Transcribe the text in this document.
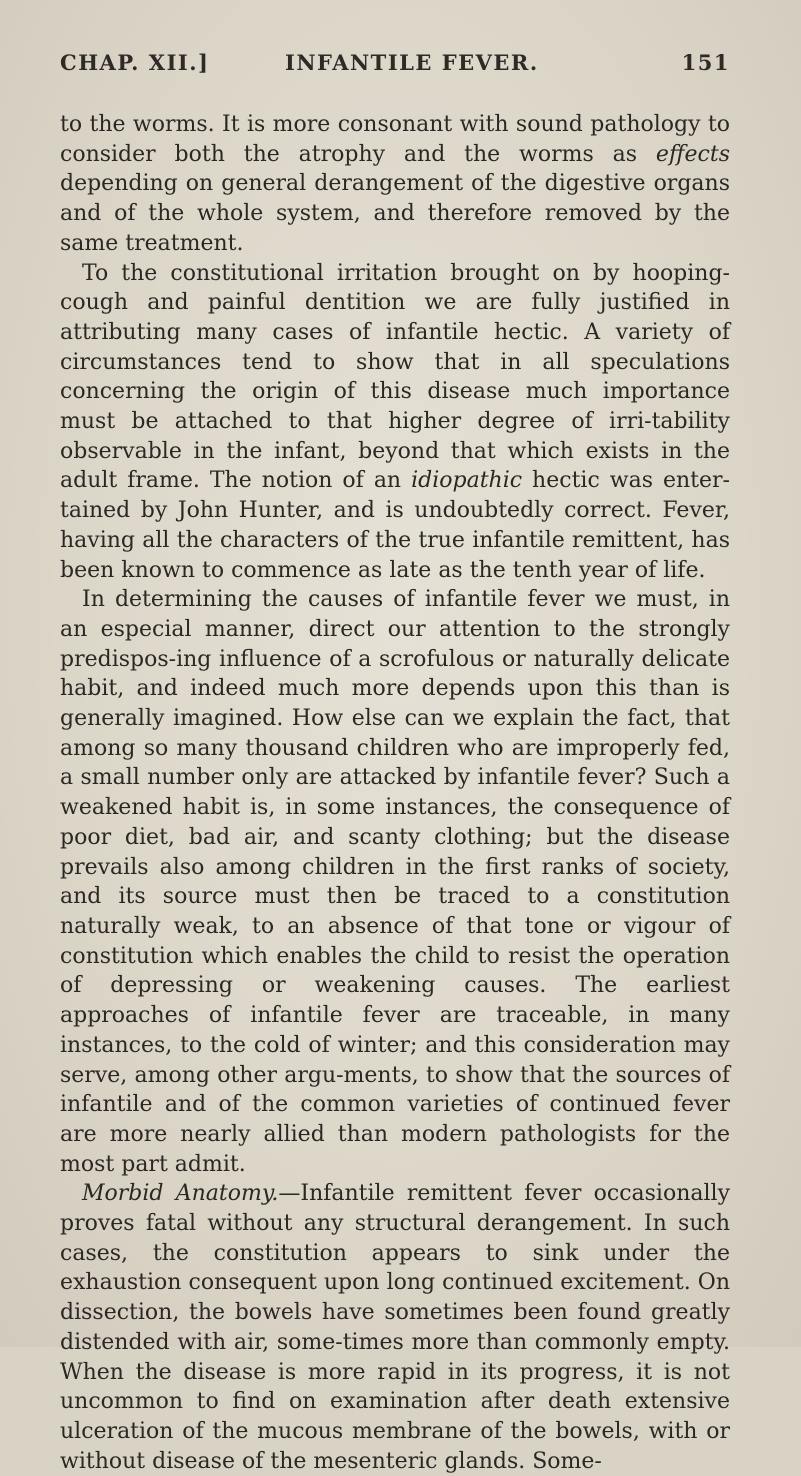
CHAP. XII.]	INFANTILE FEVER.	151

to the worms. It is more consonant with sound pathology to consider both the atrophy and the worms as effects depending on general derangement of the digestive organs and of the whole system, and therefore removed by the same treatment.

To the constitutional irritation brought on by hooping-cough and painful dentition we are fully justified in attributing many cases of infantile hectic. A variety of circumstances tend to show that in all speculations concerning the origin of this disease much importance must be attached to that higher degree of irri-tability observable in the infant, beyond that which exists in the adult frame. The notion of an idiopathic hectic was enter-tained by John Hunter, and is undoubtedly correct. Fever, having all the characters of the true infantile remittent, has been known to commence as late as the tenth year of life.

In determining the causes of infantile fever we must, in an especial manner, direct our attention to the strongly predispos-ing influence of a scrofulous or naturally delicate habit, and indeed much more depends upon this than is generally imagined. How else can we explain the fact, that among so many thousand children who are improperly fed, a small number only are attacked by infantile fever? Such a weakened habit is, in some instances, the consequence of poor diet, bad air, and scanty clothing; but the disease prevails also among children in the first ranks of society, and its source must then be traced to a constitution naturally weak, to an absence of that tone or vigour of constitution which enables the child to resist the operation of depressing or weakening causes. The earliest approaches of infantile fever are traceable, in many instances, to the cold of winter; and this consideration may serve, among other argu-ments, to show that the sources of infantile and of the common varieties of continued fever are more nearly allied than modern pathologists for the most part admit.

Morbid Anatomy.—Infantile remittent fever occasionally proves fatal without any structural derangement. In such cases, the constitution appears to sink under the exhaustion consequent upon long continued excitement. On dissection, the bowels have sometimes been found greatly distended with air, some-times more than commonly empty. When the disease is more rapid in its progress, it is not uncommon to find on examination after death extensive ulceration of the mucous membrane of the bowels, with or without disease of the mesenteric glands. Some-
